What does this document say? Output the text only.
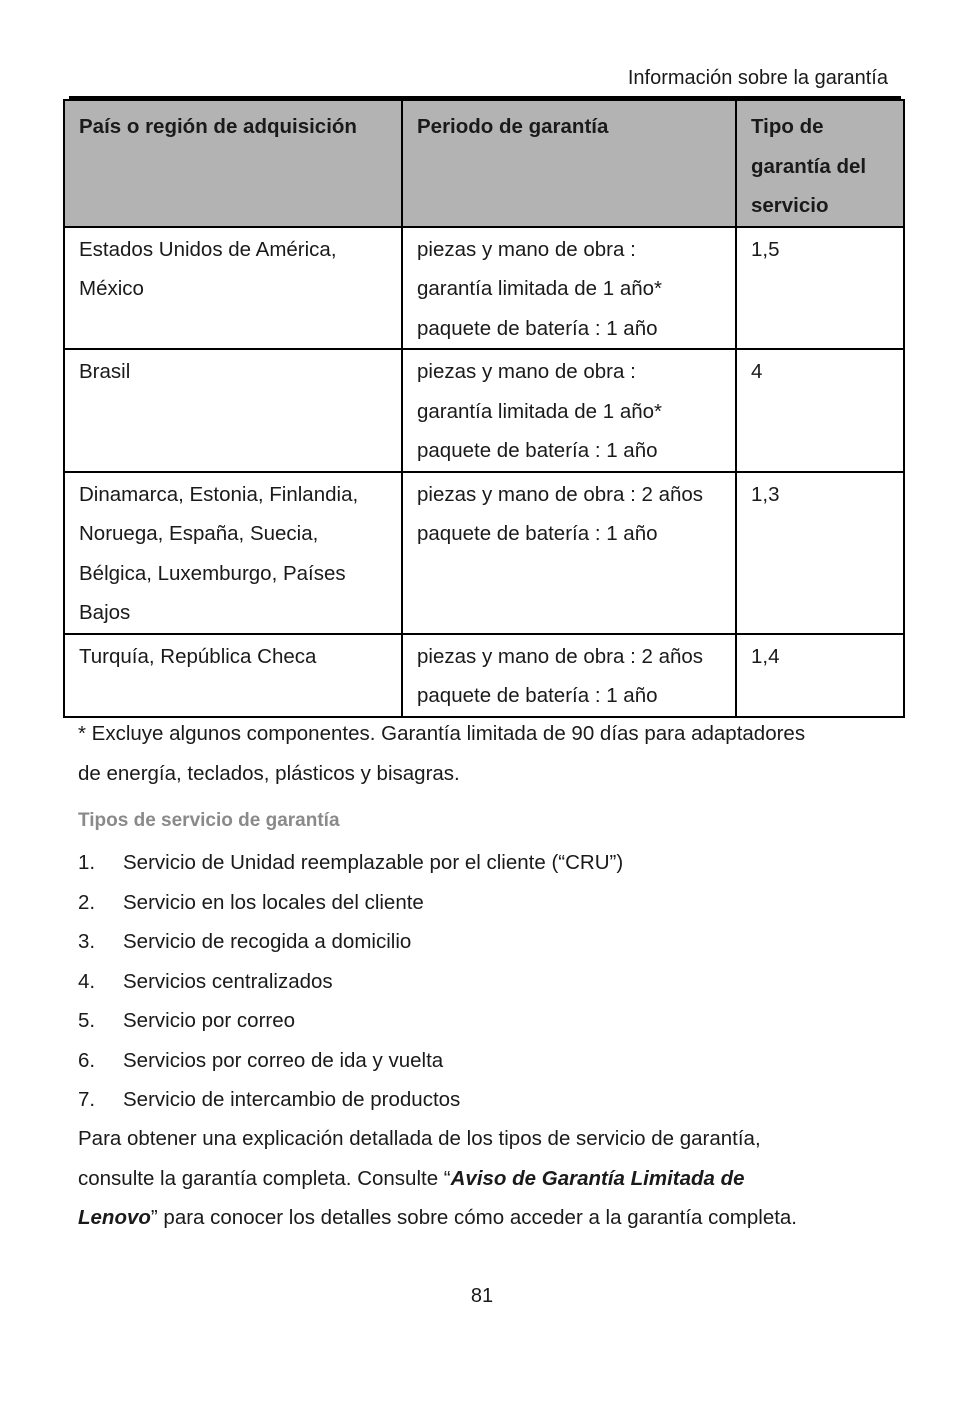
Información sobre la garantía
País o región de adquisición	Periodo de garantía	Tipo de
garantía del
servicio

Estados Unidos de América,
México	piezas y mano de obra :
garantía limitada de 1 año*
paquete de batería : 1 año	1,5

Brasil	piezas y mano de obra :
garantía limitada de 1 año*
paquete de batería : 1 año	4

Dinamarca, Estonia, Finlandia,
Noruega, España, Suecia,
Bélgica, Luxemburgo, Países
Bajos	piezas y mano de obra : 2 años
paquete de batería : 1 año	1,3

Turquía, República Checa	piezas y mano de obra : 2 años
paquete de batería : 1 año	1,4
* Excluye algunos componentes. Garantía limitada de 90 días para adaptadores
de energía, teclados, plásticos y bisagras.
Tipos de servicio de garantía
1.	Servicio de Unidad reemplazable por el cliente (“CRU”)
2.	Servicio en los locales del cliente
3.	Servicio de recogida a domicilio
4.	Servicios centralizados
5.	Servicio por correo
6.	Servicios por correo de ida y vuelta
7.	Servicio de intercambio de productos
Para obtener una explicación detallada de los tipos de servicio de garantía,
consulte la garantía completa. Consulte “Aviso de Garantía Limitada de
Lenovo” para conocer los detalles sobre cómo acceder a la garantía completa.
81
